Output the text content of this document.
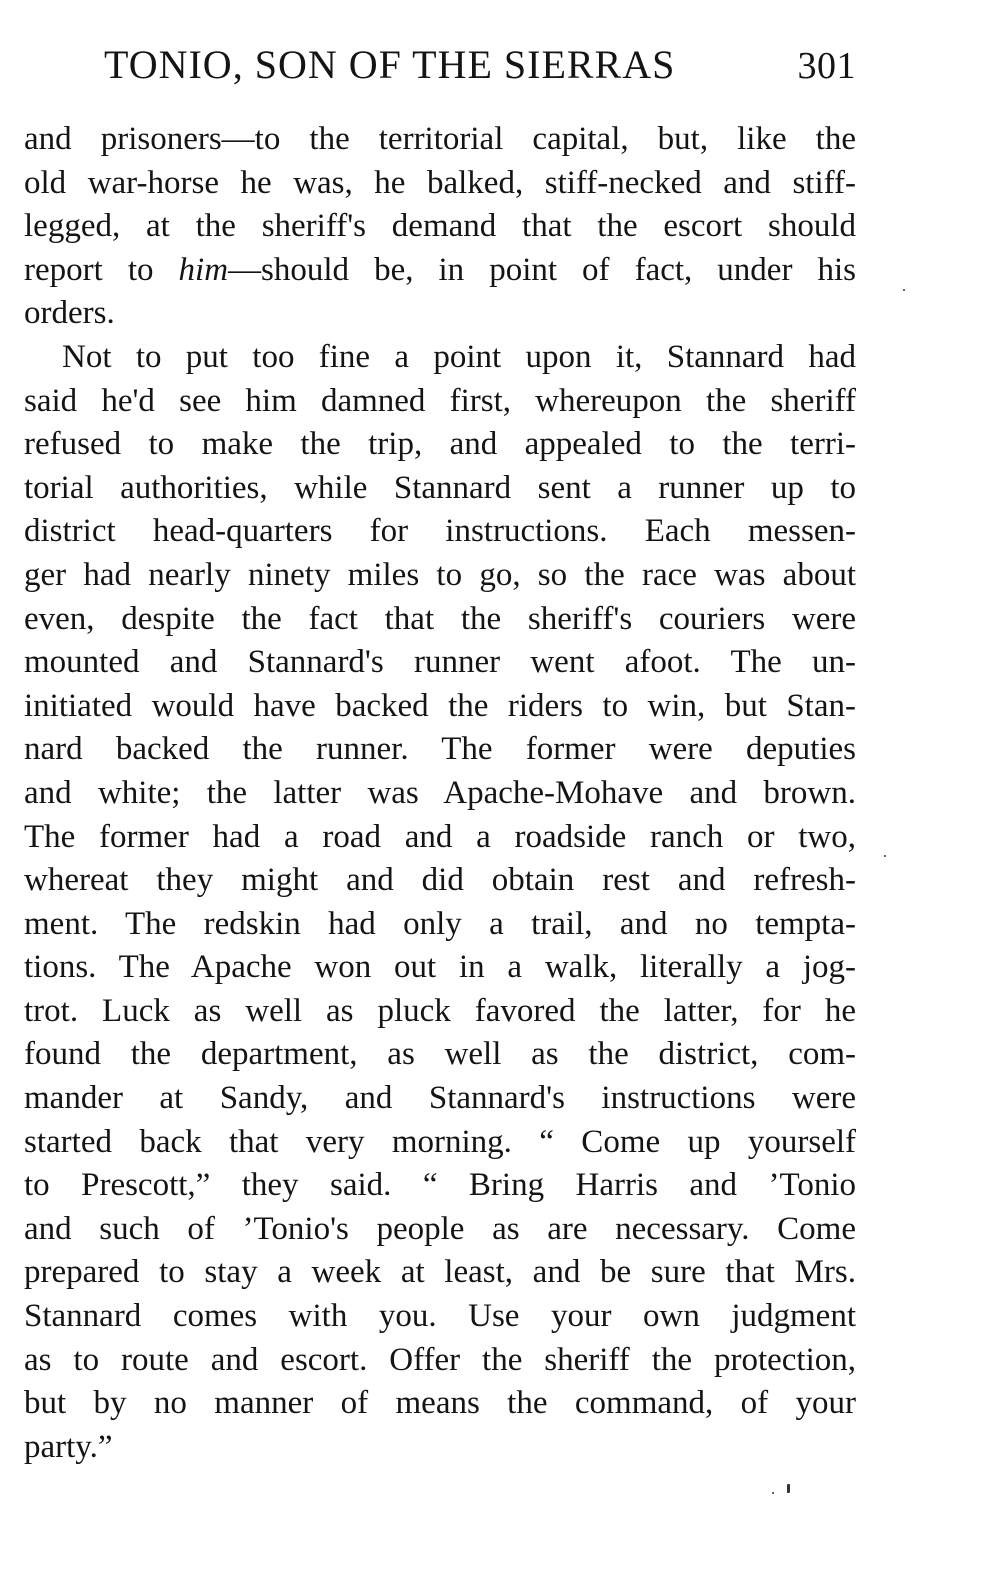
TONIO, SON OF THE SIERRAS	301
and prisoners—to the territorial capital, but, like the
old war-horse he was, he balked, stiff-necked and stiff-
legged, at the sheriff's demand that the escort should
report to him—should be, in point of fact, under his
orders.
Not to put too fine a point upon it, Stannard had
said he'd see him damned first, whereupon the sheriff
refused to make the trip, and appealed to the terri-
torial authorities, while Stannard sent a runner up to
district head-quarters for instructions. Each messen-
ger had nearly ninety miles to go, so the race was about
even, despite the fact that the sheriff's couriers were
mounted and Stannard's runner went afoot. The un-
initiated would have backed the riders to win, but Stan-
nard backed the runner. The former were deputies
and white; the latter was Apache-Mohave and brown.
The former had a road and a roadside ranch or two,
whereat they might and did obtain rest and refresh-
ment. The redskin had only a trail, and no tempta-
tions. The Apache won out in a walk, literally a jog-
trot. Luck as well as pluck favored the latter, for he
found the department, as well as the district, com-
mander at Sandy, and Stannard's instructions were
started back that very morning. “ Come up yourself
to Prescott,” they said. “ Bring Harris and ’Tonio
and such of ’Tonio's people as are necessary. Come
prepared to stay a week at least, and be sure that Mrs.
Stannard comes with you. Use your own judgment
as to route and escort. Offer the sheriff the protection,
but by no manner of means the command, of your
party.”
